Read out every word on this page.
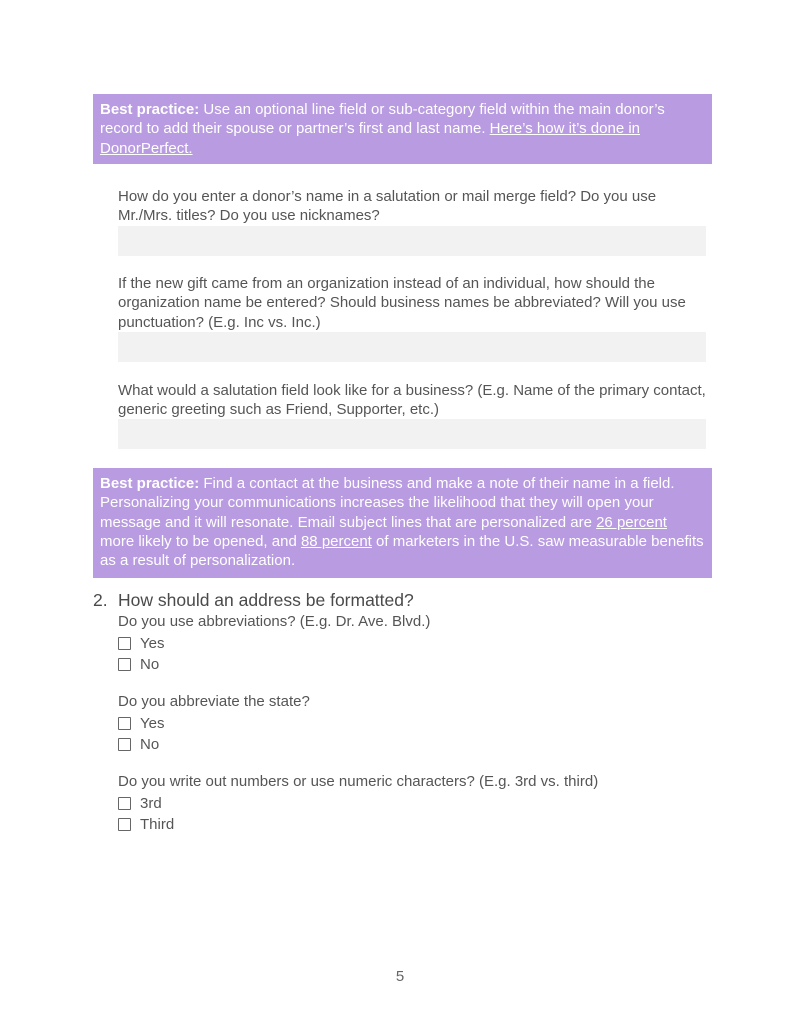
Best practice: Use an optional line field or sub-category field within the main donor’s record to add their spouse or partner’s first and last name. Here’s how it’s done in DonorPerfect.
How do you enter a donor’s name in a salutation or mail merge field? Do you use Mr./Mrs. titles? Do you use nicknames?
If the new gift came from an organization instead of an individual, how should the organization name be entered? Should business names be abbreviated? Will you use punctuation? (E.g. Inc vs. Inc.)
What would a salutation field look like for a business? (E.g. Name of the primary contact, generic greeting such as Friend, Supporter, etc.)
Best practice: Find a contact at the business and make a note of their name in a field. Personalizing your communications increases the likelihood that they will open your message and it will resonate. Email subject lines that are personalized are 26 percent more likely to be opened, and 88 percent of marketers in the U.S. saw measurable benefits as a result of personalization.
2. How should an address be formatted?
Do you use abbreviations? (E.g. Dr. Ave. Blvd.)
Yes
No
Do you abbreviate the state?
Yes
No
Do you write out numbers or use numeric characters? (E.g. 3rd vs. third)
3rd
Third
5
